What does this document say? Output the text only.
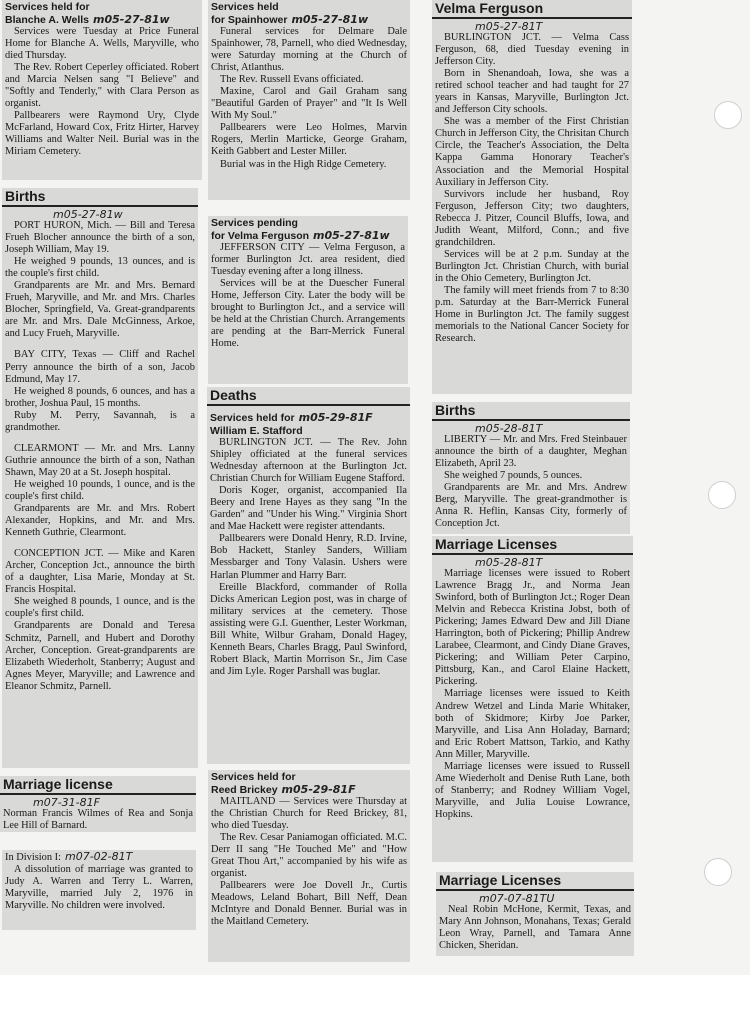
Services held for
Blanche A. Wells m05-27-81w

Services were Tuesday at Price Funeral Home for Blanche A. Wells, Maryville, who died Thursday.

The Rev. Robert Ceperley officiated. Robert and Marcia Nelsen sang "I Believe" and "Softly and Tenderly," with Clara Person as organist.

Pallbearers were Raymond Ury, Clyde McFarland, Howard Cox, Fritz Hirter, Harvey Williams and Walter Neil. Burial was in the Miriam Cemetery.

Births
m05-27-81w

PORT HURON, Mich. — Bill and Teresa Frueh Blocher announce the birth of a son, Joseph William, May 19.

He weighed 9 pounds, 13 ounces, and is the couple's first child.

Grandparents are Mr. and Mrs. Bernard Frueh, Maryville, and Mr. and Mrs. Charles Blocher, Springfield, Va. Great-grandparents are Mr. and Mrs. Dale McGinness, Arkoe, and Lucy Frueh, Maryville.

BAY CITY, Texas — Cliff and Rachel Perry announce the birth of a son, Jacob Edmund, May 17.

He weighed 8 pounds, 6 ounces, and has a brother, Joshua Paul, 15 months.

Ruby M. Perry, Savannah, is a grandmother.

CLEARMONT — Mr. and Mrs. Lanny Guthrie announce the birth of a son, Nathan Shawn, May 20 at a St. Joseph hospital.

He weighed 10 pounds, 1 ounce, and is the couple's first child.

Grandparents are Mr. and Mrs. Robert Alexander, Hopkins, and Mr. and Mrs. Kenneth Guthrie, Clearmont.

CONCEPTION JCT. — Mike and Karen Archer, Conception Jct., announce the birth of a daughter, Lisa Marie, Monday at St. Francis Hospital.

She weighed 8 pounds, 1 ounce, and is the couple's first child.

Grandparents are Donald and Teresa Schmitz, Parnell, and Hubert and Dorothy Archer, Conception. Great-grandparents are Elizabeth Wiederholt, Stanberry; August and Agnes Meyer, Maryville; and Lawrence and Eleanor Schmitz, Parnell.

Marriage license
m07-31-81F

Norman Francis Wilmes of Rea and Sonja Lee Hill of Barnard.

In Division I: m07-02-81T

A dissolution of marriage was granted to Judy A. Warren and Terry L. Warren, Maryville, married July 2, 1976 in Maryville. No children were involved.

Services held
for Spainhower m05-27-81w

Funeral services for Delmare Dale Spainhower, 78, Parnell, who died Wednesday, were Saturday morning at the Church of Christ, Atlanthus.

The Rev. Russell Evans officiated.

Maxine, Carol and Gail Graham sang "Beautiful Garden of Prayer" and "It Is Well With My Soul."

Pallbearers were Leo Holmes, Marvin Rogers, Merlin Marticke, George Graham, Keith Gabbert and Lester Miller.

Burial was in the High Ridge Cemetery.

Services pending
for Velma Ferguson m05-27-81w

JEFFERSON CITY — Velma Ferguson, a former Burlington Jct. area resident, died Tuesday evening after a long illness.

Services will be at the Duescher Funeral Home, Jefferson City. Later the body will be brought to Burlington Jct., and a service will be held at the Christian Church. Arrangements are pending at the Barr-Merrick Funeral Home.

Deaths
Services held for m05-29-81F
William E. Stafford

BURLINGTON JCT. — The Rev. John Shipley officiated at the funeral services Wednesday afternoon at the Burlington Jct. Christian Church for William Eugene Stafford.

Doris Koger, organist, accompanied Ila Beery and Irene Hayes as they sang "In the Garden" and "Under his Wing." Virginia Short and Mae Hackett were register attendants.

Pallbearers were Donald Henry, R.D. Irvine, Bob Hackett, Stanley Sanders, William Messbarger and Tony Valasin. Ushers were Harlan Plummer and Harry Barr.

Ereille Blackford, commander of Rolla Dicks American Legion post, was in charge of military services at the cemetery. Those assisting were G.I. Guenther, Lester Workman, Bill White, Wilbur Graham, Donald Hagey, Kenneth Bears, Charles Bragg, Paul Swinford, Robert Black, Martin Morrison Sr., Jim Case and Jim Lyle. Roger Parshall was buglar.

Services held for
Reed Brickey m05-29-81F

MAITLAND — Services were Thursday at the Christian Church for Reed Brickey, 81, who died Tuesday.

The Rev. Cesar Paniamogan officiated. M.C. Derr II sang "He Touched Me" and "How Great Thou Art," accompanied by his wife as organist.

Pallbearers were Joe Dovell Jr., Curtis Meadows, Leland Bohart, Bill Neff, Dean McIntyre and Donald Benner. Burial was in the Maitland Cemetery.

Velma Ferguson
m05-27-81T

BURLINGTON JCT. — Velma Cass Ferguson, 68, died Tuesday evening in Jefferson City.

Born in Shenandoah, Iowa, she was a retired school teacher and had taught for 27 years in Kansas, Maryville, Burlington Jct. and Jefferson City schools.

She was a member of the First Christian Church in Jefferson City, the Chrisitan Church Circle, the Teacher's Association, the Delta Kappa Gamma Honorary Teacher's Association and the Memorial Hospital Auxiliary in Jefferson City.

Survivors include her husband, Roy Ferguson, Jefferson City; two daughters, Rebecca J. Pitzer, Council Bluffs, Iowa, and Judith Weant, Milford, Conn.; and five grandchildren.

Services will be at 2 p.m. Sunday at the Burlington Jct. Christian Church, with burial in the Ohio Cemetery, Burlington Jct.

The family will meet friends from 7 to 8:30 p.m. Saturday at the Barr-Merrick Funeral Home in Burlington Jct. The family suggest memorials to the National Cancer Society for Research.

Births
m05-28-81T

LIBERTY — Mr. and Mrs. Fred Steinbauer announce the birth of a daughter, Meghan Elizabeth, April 23.

She weighed 7 pounds, 5 ounces.

Grandparents are Mr. and Mrs. Andrew Berg, Maryville. The great-grandmother is Anna R. Heflin, Kansas City, formerly of Conception Jct.

Marriage Licenses
m05-28-81T

Marriage licenses were issued to Robert Lawrence Bragg Jr., and Norma Jean Swinford, both of Burlington Jct.; Roger Dean Melvin and Rebecca Kristina Jobst, both of Pickering; James Edward Dew and Jill Diane Harrington, both of Pickering; Phillip Andrew Larabee, Clearmont, and Cindy Diane Graves, Pickering; and William Peter Carpino, Pittsburg, Kan., and Carol Elaine Hackett, Pickering.

Marriage licenses were issued to Keith Andrew Wetzel and Linda Marie Whitaker, both of Skidmore; Kirby Joe Parker, Maryville, and Lisa Ann Holaday, Barnard; and Eric Robert Mattson, Tarkio, and Kathy Ann Miller, Maryville.

Marriage licenses were issued to Russell Ame Wiederholt and Denise Ruth Lane, both of Stanberry; and Rodney William Vogel, Maryville, and Julia Louise Lowrance, Hopkins.

Marriage Licenses
m07-07-81TU

Neal Robin McHone, Kermit, Texas, and Mary Ann Johnson, Monahans, Texas; Gerald Leon Wray, Parnell, and Tamara Anne Chicken, Sheridan.
